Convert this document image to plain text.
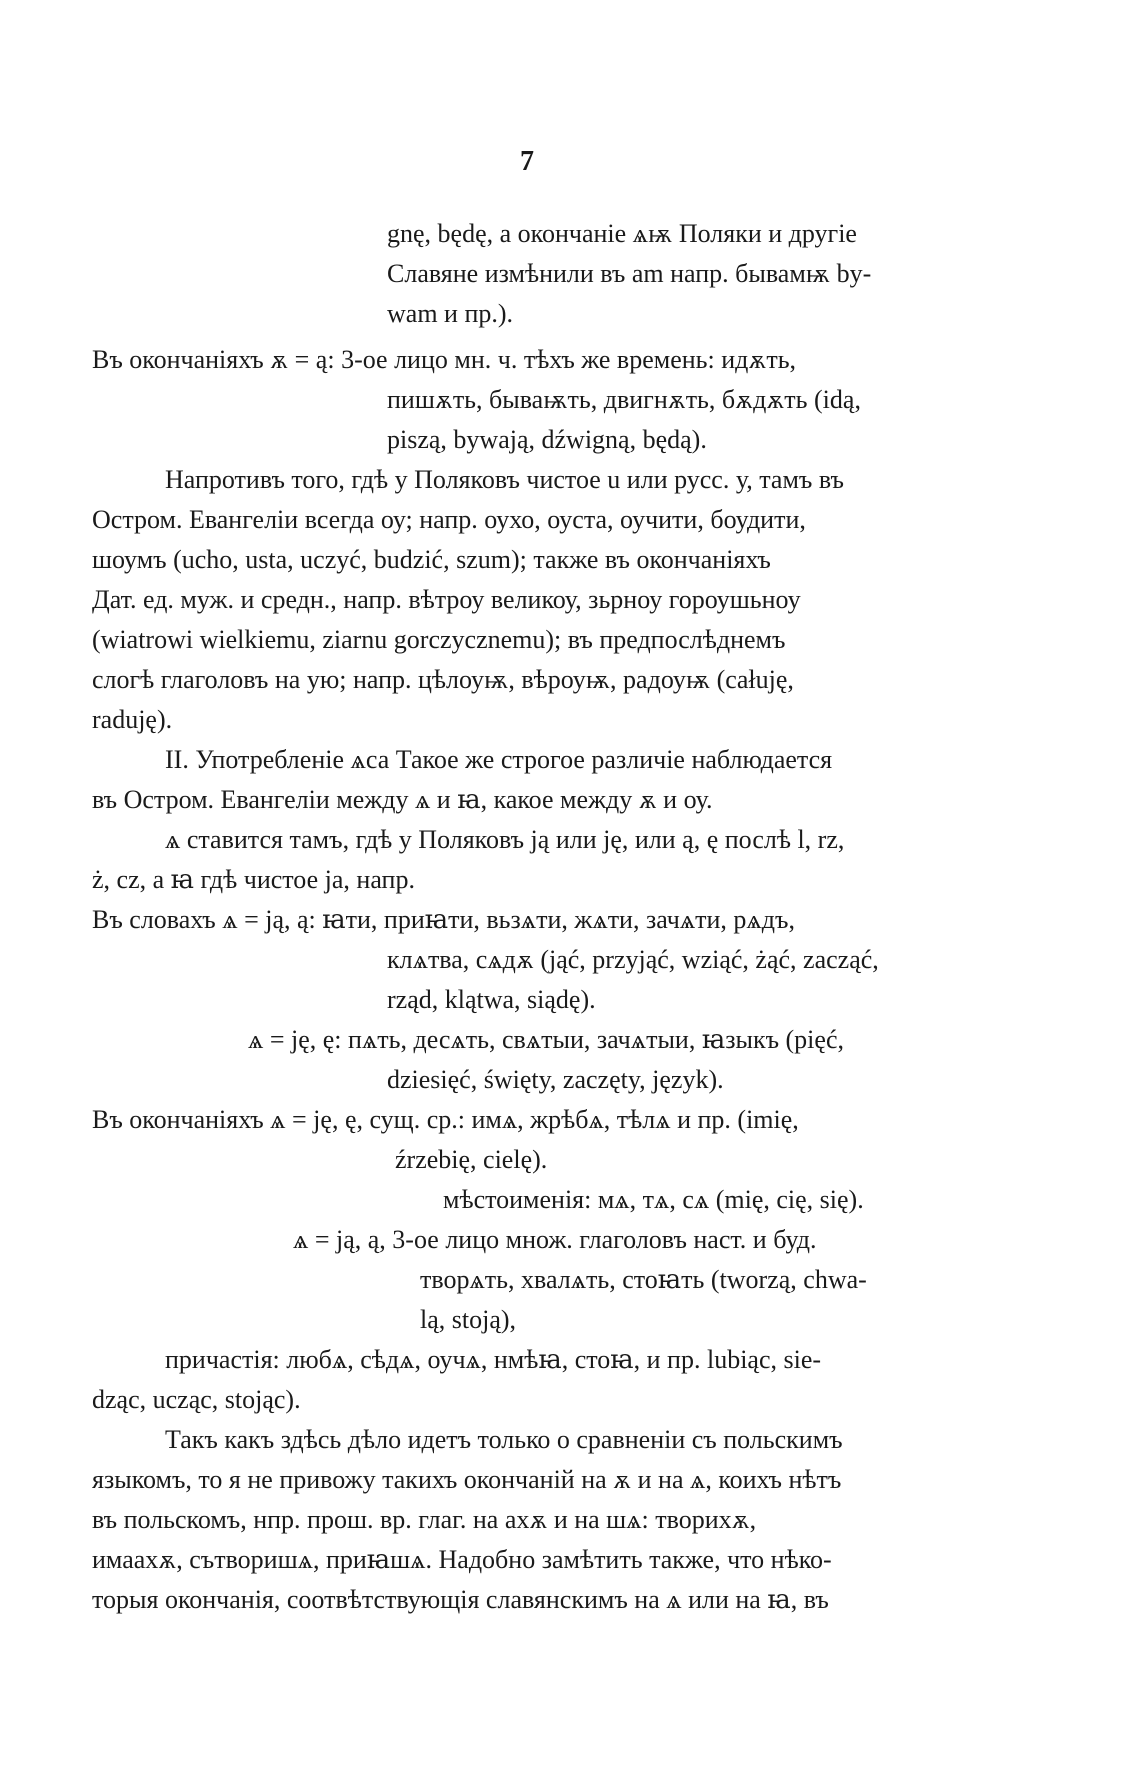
7
gnę, będę, а окончаніе ѧѭ Поляки и другіе
Славяне измѣнили въ am напр. бывамѭ by-
wam и пр.).
Въ окончаніяхъ ѫ = ą: 3-ое лицо мн. ч. тѣхъ же времень: идѫть,
пишѫть, бываѭть, двигнѫть, бѫдѫть (idą,
piszą, bywają, dźwigną, będą).
Напротивъ того, гдѣ у Поляковъ чистое u или русс. у, тамъ въ
Остром. Евангеліи всегда оу; напр. оухо, оуста, оучити, боудити,
шоумъ (ucho, usta, uczyć, budzić, szum); также въ окончаніяхъ
Дат. ед. муж. и средн., напр. вѣтроу великоу, зьрноу гороушьноу
(wiatrowi wielkiemu, ziarnu gorczycznemu); въ предпослѣднемъ
слогѣ глаголовъ на ую; напр. цѣлоуѭ, вѣроуѭ, радоуѭ (całuję,
raduję).
II. Употребленіе ѧса Такое же строгое различіе наблюдается
въ Остром. Евангеліи между ѧ и ꙗ, какое между ѫ и оу.
ѧ ставится тамъ, гдѣ у Поляковъ ją или ję, или ą, ę послѣ l, rz,
ż, cz, а ꙗ гдѣ чистое ja, напр.
Въ словахъ ѧ = ją, ą: ꙗти, приꙗти, вьзѧти, жѧти, зачѧти, рѧдъ,
клѧтва, сѧдѫ (jąć, przyjąć, wziąć, żąć, zacząć,
rząd, klątwa, siądę).
ѧ = ję, ę: пѧть, десѧть, свѧтыи, зачѧтыи, ꙗзыкъ (pięć,
dziesięć, święty, zaczęty, język).
Въ окончаніяхъ ѧ = ję, ę, сущ. ср.: имѧ, жрѣбѧ, тѣлѧ и пр. (imię,
źrzebię, cielę).
мѣстоименія: мѧ, тѧ, сѧ (mię, cię, się).
ѧ = ją, ą, 3-ое лицо множ. глаголовъ наст. и буд.
творѧть, хвалѧть, стоꙗть (tworzą, chwa-
lą, stoją),
причастія: любѧ, сѣдѧ, оучѧ, нмѣꙗ, стоꙗ, и пр. lubiąc, sie-
dząc, ucząc, stojąc).
Такъ какъ здѣсь дѣло идетъ только о сравненіи съ польскимъ
языкомъ, то я не привожу такихъ окончаній на ѫ и на ѧ, коихъ нѣтъ
въ польскомъ, нпр. прош. вр. глаг. на ахѫ и на шѧ: творихѫ,
имаахѫ, сътворишѧ, приꙗшѧ. Надобно замѣтить также, что нѣко-
торыя окончанія, соотвѣтствующія славянскимъ на ѧ или на ꙗ, въ
